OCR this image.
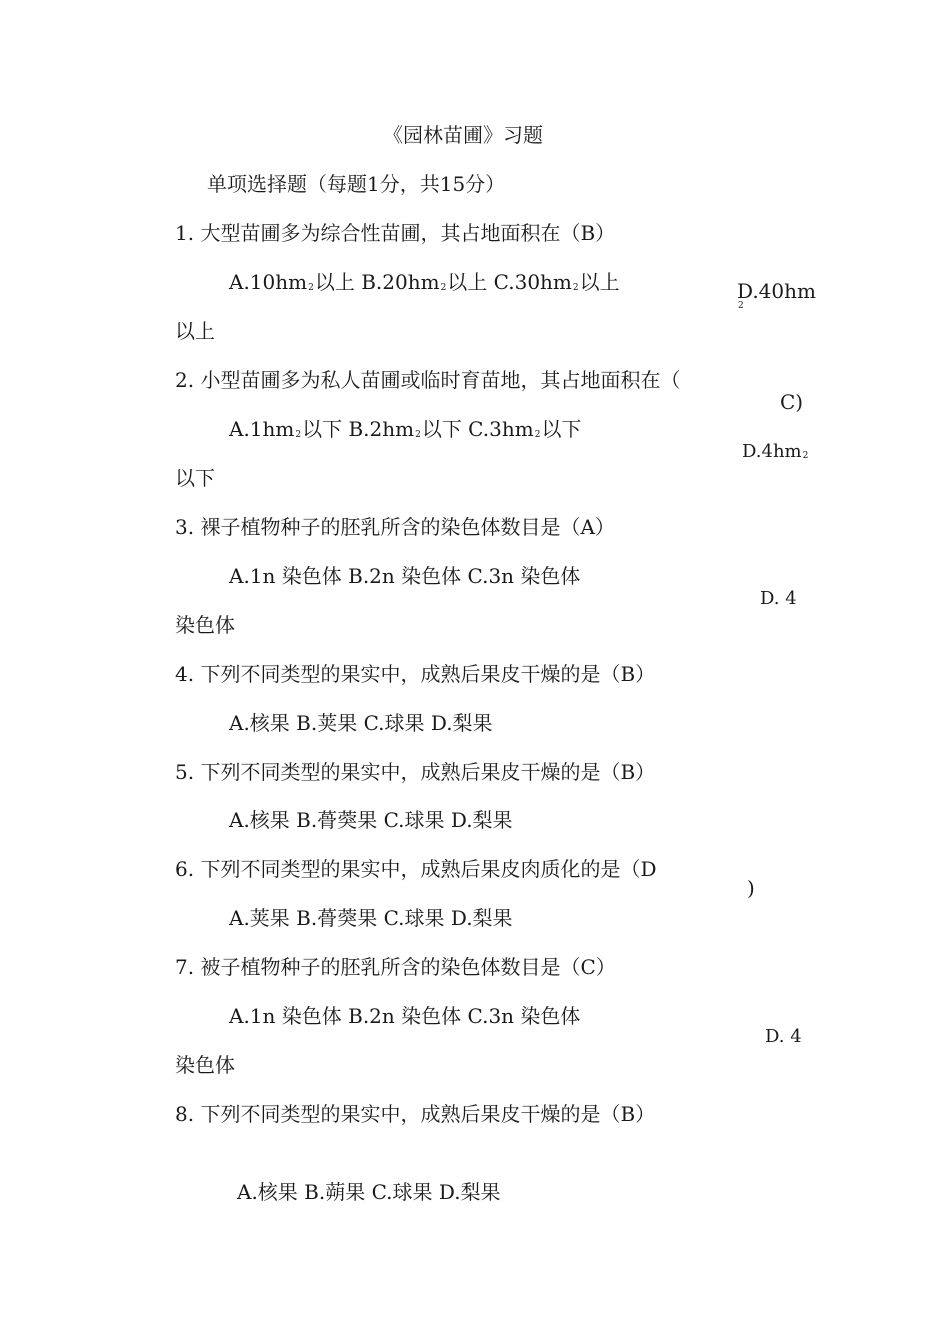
《园林苗圃》习题
单项选择题（每题1分，共15分）
1. 大型苗圃多为综合性苗圃，其占地面积在（B）
A.10hm2以上 B.20hm2以上 C.30hm2以上	D.40hm
2
以上
2. 小型苗圃多为私人苗圃或临时育苗地，其占地面积在（
C)
A.1hm2以下 B.2hm2以下 C.3hm2以下
D.4hm2
以下
3. 裸子植物种子的胚乳所含的染色体数目是（A）
A.1n 染色体 B.2n 染色体 C.3n 染色体
D. 4
染色体
4. 下列不同类型的果实中，成熟后果皮干燥的是（B）
A.核果 B.荚果 C.球果 D.梨果
5. 下列不同类型的果实中，成熟后果皮干燥的是（B）
A.核果 B.蓇葖果 C.球果 D.梨果
6. 下列不同类型的果实中，成熟后果皮肉质化的是（D
)
A.荚果 B.蓇葖果 C.球果 D.梨果
7. 被子植物种子的胚乳所含的染色体数目是（C）
A.1n 染色体 B.2n 染色体 C.3n 染色体
D. 4
染色体
8. 下列不同类型的果实中，成熟后果皮干燥的是（B）
A.核果 B.蒴果 C.球果 D.梨果
